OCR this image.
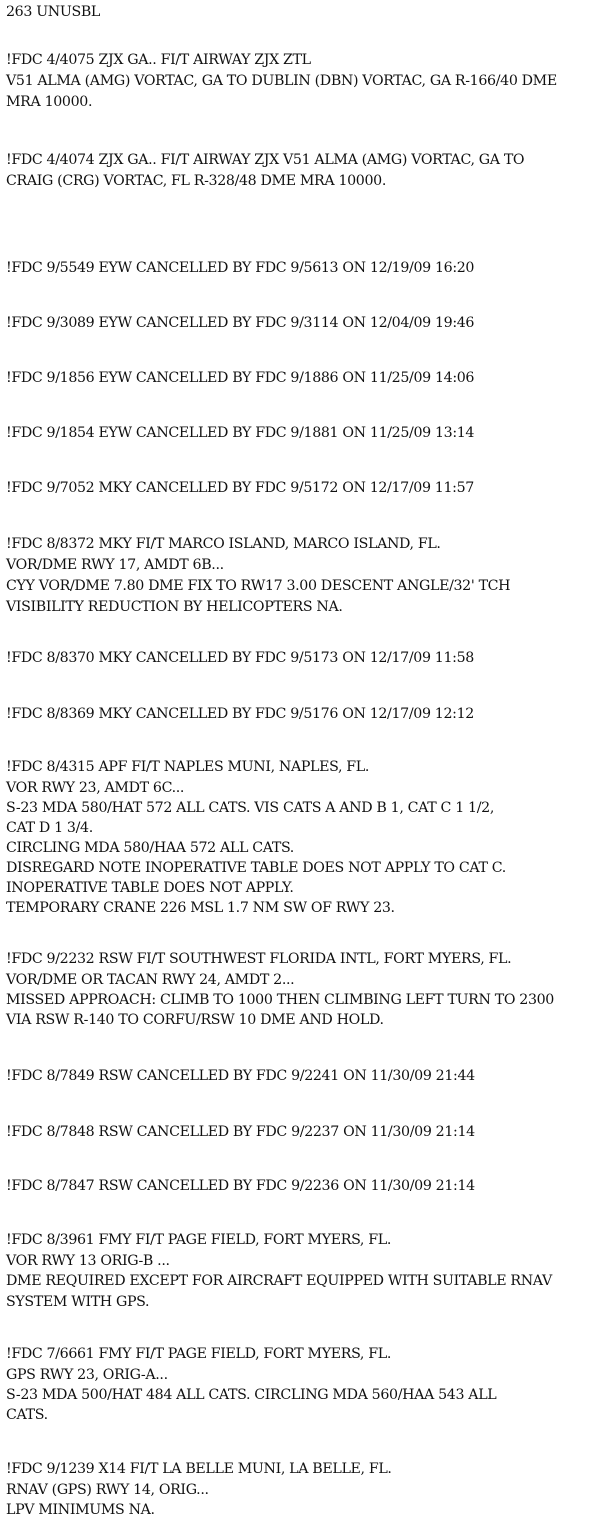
263 UNUSBL
!FDC 4/4075 ZJX GA.. FI/T AIRWAY ZJX ZTL
V51 ALMA (AMG) VORTAC, GA TO DUBLIN (DBN) VORTAC, GA R-166/40 DME
MRA 10000.
!FDC 4/4074 ZJX GA.. FI/T AIRWAY ZJX V51 ALMA (AMG) VORTAC, GA TO
CRAIG (CRG) VORTAC, FL R-328/48 DME MRA 10000.
!FDC 9/5549 EYW CANCELLED BY FDC 9/5613 ON 12/19/09 16:20
!FDC 9/3089 EYW CANCELLED BY FDC 9/3114 ON 12/04/09 19:46
!FDC 9/1856 EYW CANCELLED BY FDC 9/1886 ON 11/25/09 14:06
!FDC 9/1854 EYW CANCELLED BY FDC 9/1881 ON 11/25/09 13:14
!FDC 9/7052 MKY CANCELLED BY FDC 9/5172 ON 12/17/09 11:57
!FDC 8/8372 MKY FI/T MARCO ISLAND, MARCO ISLAND, FL.
VOR/DME RWY 17, AMDT 6B...
CYY VOR/DME 7.80 DME FIX TO RW17 3.00 DESCENT ANGLE/32' TCH
VISIBILITY REDUCTION BY HELICOPTERS NA.
!FDC 8/8370 MKY CANCELLED BY FDC 9/5173 ON 12/17/09 11:58
!FDC 8/8369 MKY CANCELLED BY FDC 9/5176 ON 12/17/09 12:12
!FDC 8/4315 APF FI/T NAPLES MUNI, NAPLES, FL.
VOR RWY 23, AMDT 6C...
S-23 MDA 580/HAT 572 ALL CATS. VIS CATS A AND B 1, CAT C 1 1/2,
CAT D 1 3/4.
CIRCLING MDA 580/HAA 572 ALL CATS.
DISREGARD NOTE INOPERATIVE TABLE DOES NOT APPLY TO CAT C.
INOPERATIVE TABLE DOES NOT APPLY.
TEMPORARY CRANE 226 MSL 1.7 NM SW OF RWY 23.
!FDC 9/2232 RSW FI/T SOUTHWEST FLORIDA INTL, FORT MYERS, FL.
VOR/DME OR TACAN RWY 24, AMDT 2...
MISSED APPROACH: CLIMB TO 1000 THEN CLIMBING LEFT TURN TO 2300
VIA RSW R-140 TO CORFU/RSW 10 DME AND HOLD.
!FDC 8/7849 RSW CANCELLED BY FDC 9/2241 ON 11/30/09 21:44
!FDC 8/7848 RSW CANCELLED BY FDC 9/2237 ON 11/30/09 21:14
!FDC 8/7847 RSW CANCELLED BY FDC 9/2236 ON 11/30/09 21:14
!FDC 8/3961 FMY FI/T PAGE FIELD, FORT MYERS, FL.
VOR RWY 13 ORIG-B ...
DME REQUIRED EXCEPT FOR AIRCRAFT EQUIPPED WITH SUITABLE RNAV
SYSTEM WITH GPS.
!FDC 7/6661 FMY FI/T PAGE FIELD, FORT MYERS, FL.
GPS RWY 23, ORIG-A...
S-23 MDA 500/HAT 484 ALL CATS. CIRCLING MDA 560/HAA 543 ALL
CATS.
!FDC 9/1239 X14 FI/T LA BELLE MUNI, LA BELLE, FL.
RNAV (GPS) RWY 14, ORIG...
LPV MINIMUMS NA.
